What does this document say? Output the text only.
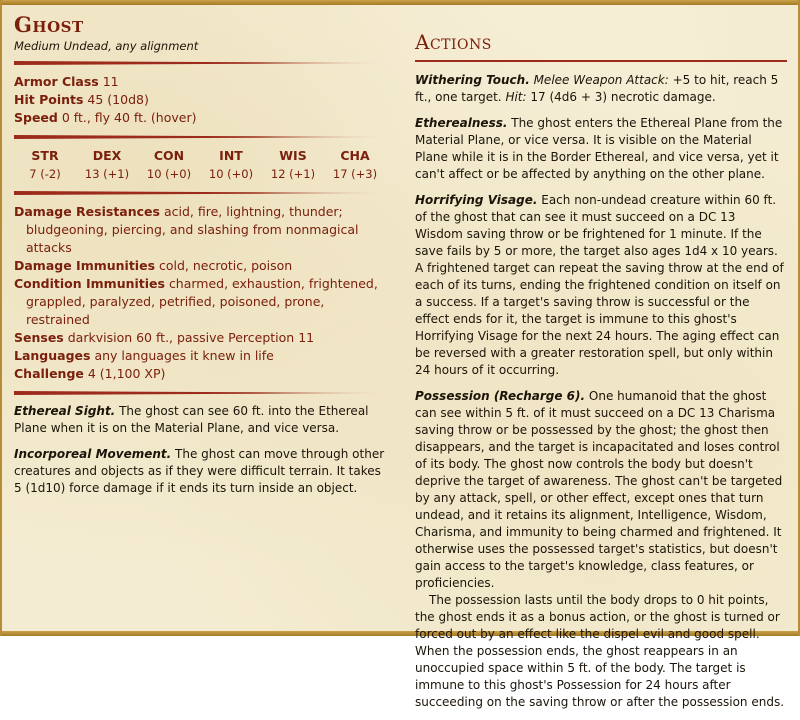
Ghost
Medium Undead, any alignment
Armor Class 11
Hit Points 45 (10d8)
Speed 0 ft., fly 40 ft. (hover)
STR
7 (-2)
DEX
13 (+1)
CON
10 (+0)
INT
10 (+0)
WIS
12 (+1)
CHA
17 (+3)
Damage Resistances acid, fire, lightning, thunder; bludgeoning, piercing, and slashing from nonmagical attacks
Damage Immunities cold, necrotic, poison
Condition Immunities charmed, exhaustion, frightened, grappled, paralyzed, petrified, poisoned, prone, restrained
Senses darkvision 60 ft., passive Perception 11
Languages any languages it knew in life
Challenge 4 (1,100 XP)
Ethereal Sight. The ghost can see 60 ft. into the Ethereal Plane when it is on the Material Plane, and vice versa.
Incorporeal Movement. The ghost can move through other creatures and objects as if they were difficult terrain. It takes 5 (1d10) force damage if it ends its turn inside an object.
Actions
Withering Touch. Melee Weapon Attack: +5 to hit, reach 5 ft., one target. Hit: 17 (4d6 + 3) necrotic damage.
Etherealness. The ghost enters the Ethereal Plane from the Material Plane, or vice versa. It is visible on the Material Plane while it is in the Border Ethereal, and vice versa, yet it can't affect or be affected by anything on the other plane.
Horrifying Visage. Each non-undead creature within 60 ft. of the ghost that can see it must succeed on a DC 13 Wisdom saving throw or be frightened for 1 minute. If the save fails by 5 or more, the target also ages 1d4 x 10 years. A frightened target can repeat the saving throw at the end of each of its turns, ending the frightened condition on itself on a success. If a target's saving throw is successful or the effect ends for it, the target is immune to this ghost's Horrifying Visage for the next 24 hours. The aging effect can be reversed with a greater restoration spell, but only within 24 hours of it occurring.
Possession (Recharge 6). One humanoid that the ghost can see within 5 ft. of it must succeed on a DC 13 Charisma saving throw or be possessed by the ghost; the ghost then disappears, and the target is incapacitated and loses control of its body. The ghost now controls the body but doesn't deprive the target of awareness. The ghost can't be targeted by any attack, spell, or other effect, except ones that turn undead, and it retains its alignment, Intelligence, Wisdom, Charisma, and immunity to being charmed and frightened. It otherwise uses the possessed target's statistics, but doesn't gain access to the target's knowledge, class features, or proficiencies.
The possession lasts until the body drops to 0 hit points, the ghost ends it as a bonus action, or the ghost is turned or forced out by an effect like the dispel evil and good spell. When the possession ends, the ghost reappears in an unoccupied space within 5 ft. of the body. The target is immune to this ghost's Possession for 24 hours after succeeding on the saving throw or after the possession ends.
